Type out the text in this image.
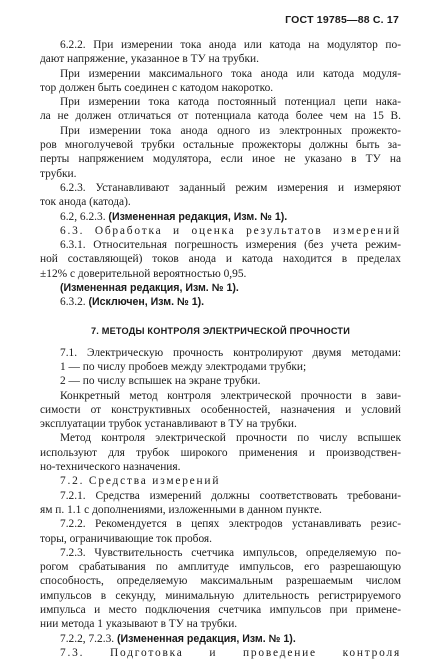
ГОСТ 19785—88 С. 17
6.2.2. При измерении тока анода или катода на модулятор по-
дают напряжение, указанное в ТУ на трубки.
При измерении максимального тока анода или катода модуля-
тор должен быть соединен с катодом накоротко.
При измерении тока катода постоянный потенциал цепи нака-
ла не должен отличаться от потенциала катода более чем на 15 В.
При измерении тока анода одного из электронных прожекто-
ров многолучевой трубки остальные прожекторы должны быть за-
перты напряжением модулятора, если иное не указано в ТУ на
трубки.
6.2.3. Устанавливают заданный режим измерения и измеряют
ток анода (катода).
6.2, 6.2.3. (Измененная редакция, Изм. № 1).
6.3. Обработка и оценка результатов измерений
6.3.1. Относительная погрешность измерения (без учета режим-
ной составляющей) токов анода и катода находится в пределах
±12% с доверительной вероятностью 0,95.
(Измененная редакция, Изм. № 1).
6.3.2. (Исключен, Изм. № 1).
7. МЕТОДЫ КОНТРОЛЯ ЭЛЕКТРИЧЕСКОЙ ПРОЧНОСТИ
7.1. Электрическую прочность контролируют двумя методами:
1 — по числу пробоев между электродами трубки;
2 — по числу вспышек на экране трубки.
Конкретный метод контроля электрической прочности в зави-
симости от конструктивных особенностей, назначения и условий
эксплуатации трубок устанавливают в ТУ на трубки.
Метод контроля электрической прочности по числу вспышек
используют для трубок широкого применения и производствен-
но-технического назначения.
7.2. Средства измерений
7.2.1. Средства измерений должны соответствовать требовани-
ям п. 1.1 с дополнениями, изложенными в данном пункте.
7.2.2. Рекомендуется в цепях электродов устанавливать резис-
торы, ограничивающие ток пробоя.
7.2.3. Чувствительность счетчика импульсов, определяемую по-
рогом срабатывания по амплитуде импульсов, его разрешающую
способность, определяемую максимальным разрешаемым числом
импульсов в секунду, минимальную длительность регистрируемого
импульса и место подключения счетчика импульсов при примене-
нии метода 1 указывают в ТУ на трубки.
7.2.2, 7.2.3. (Измененная редакция, Изм. № 1).
7.3. Подготовка и проведение контроля
